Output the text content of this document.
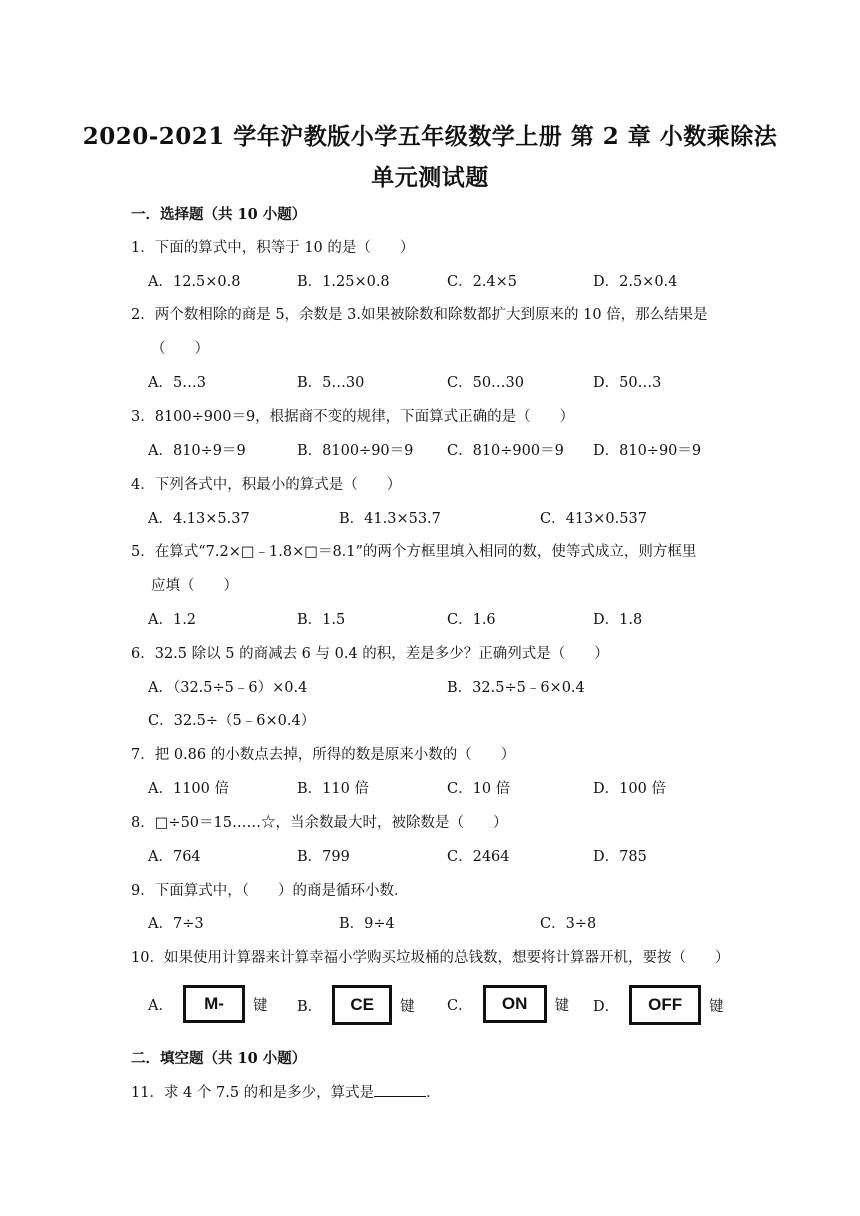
2020-2021 学年沪教版小学五年级数学上册 第 2 章 小数乘除法
单元测试题
一．选择题（共 10 小题）
1．下面的算式中，积等于 10 的是（　　）
A．12.5×0.8	B．1.25×0.8	C．2.4×5	D．2.5×0.4
2．两个数相除的商是 5，余数是 3.如果被除数和除数都扩大到原来的 10 倍，那么结果是
（　　）
A．5…3	B．5…30	C．50…30	D．50…3
3．8100÷900＝9，根据商不变的规律，下面算式正确的是（　　）
A．810÷9＝9	B．8100÷90＝9 C．810÷900＝9 D．810÷90＝9
4．下列各式中，积最小的算式是（　　）
A．4.13×5.37	B．41.3×53.7	C．413×0.537
5．在算式“7.2×□﹣1.8×□＝8.1”的两个方框里填入相同的数，使等式成立，则方框里
应填（　　）
A．1.2	B．1.5	C．1.6	D．1.8
6．32.5 除以 5 的商减去 6 与 0.4 的积，差是多少？正确列式是（　　）
A．（32.5÷5﹣6）×0.4	B．32.5÷5﹣6×0.4
C．32.5÷（5﹣6×0.4）
7．把 0.86 的小数点去掉，所得的数是原来小数的（　　）
A．1100 倍	B．110 倍	C．10 倍	D．100 倍
8．□÷50＝15……☆，当余数最大时，被除数是（　　）
A．764	B．799	C．2464	D．785
9．下面算式中，（　　）的商是循环小数．
A．7÷3	B．9÷4	C．3÷8
10．如果使用计算器来计算幸福小学购买垃圾桶的总钱数，想要将计算器开机，要按（　　）
A．	M-	键 B．	CE	键 C．	ON	键 D．	OFF	键
二．填空题（共 10 小题）
11．求 4 个 7.5 的和是多少，算式是	．
